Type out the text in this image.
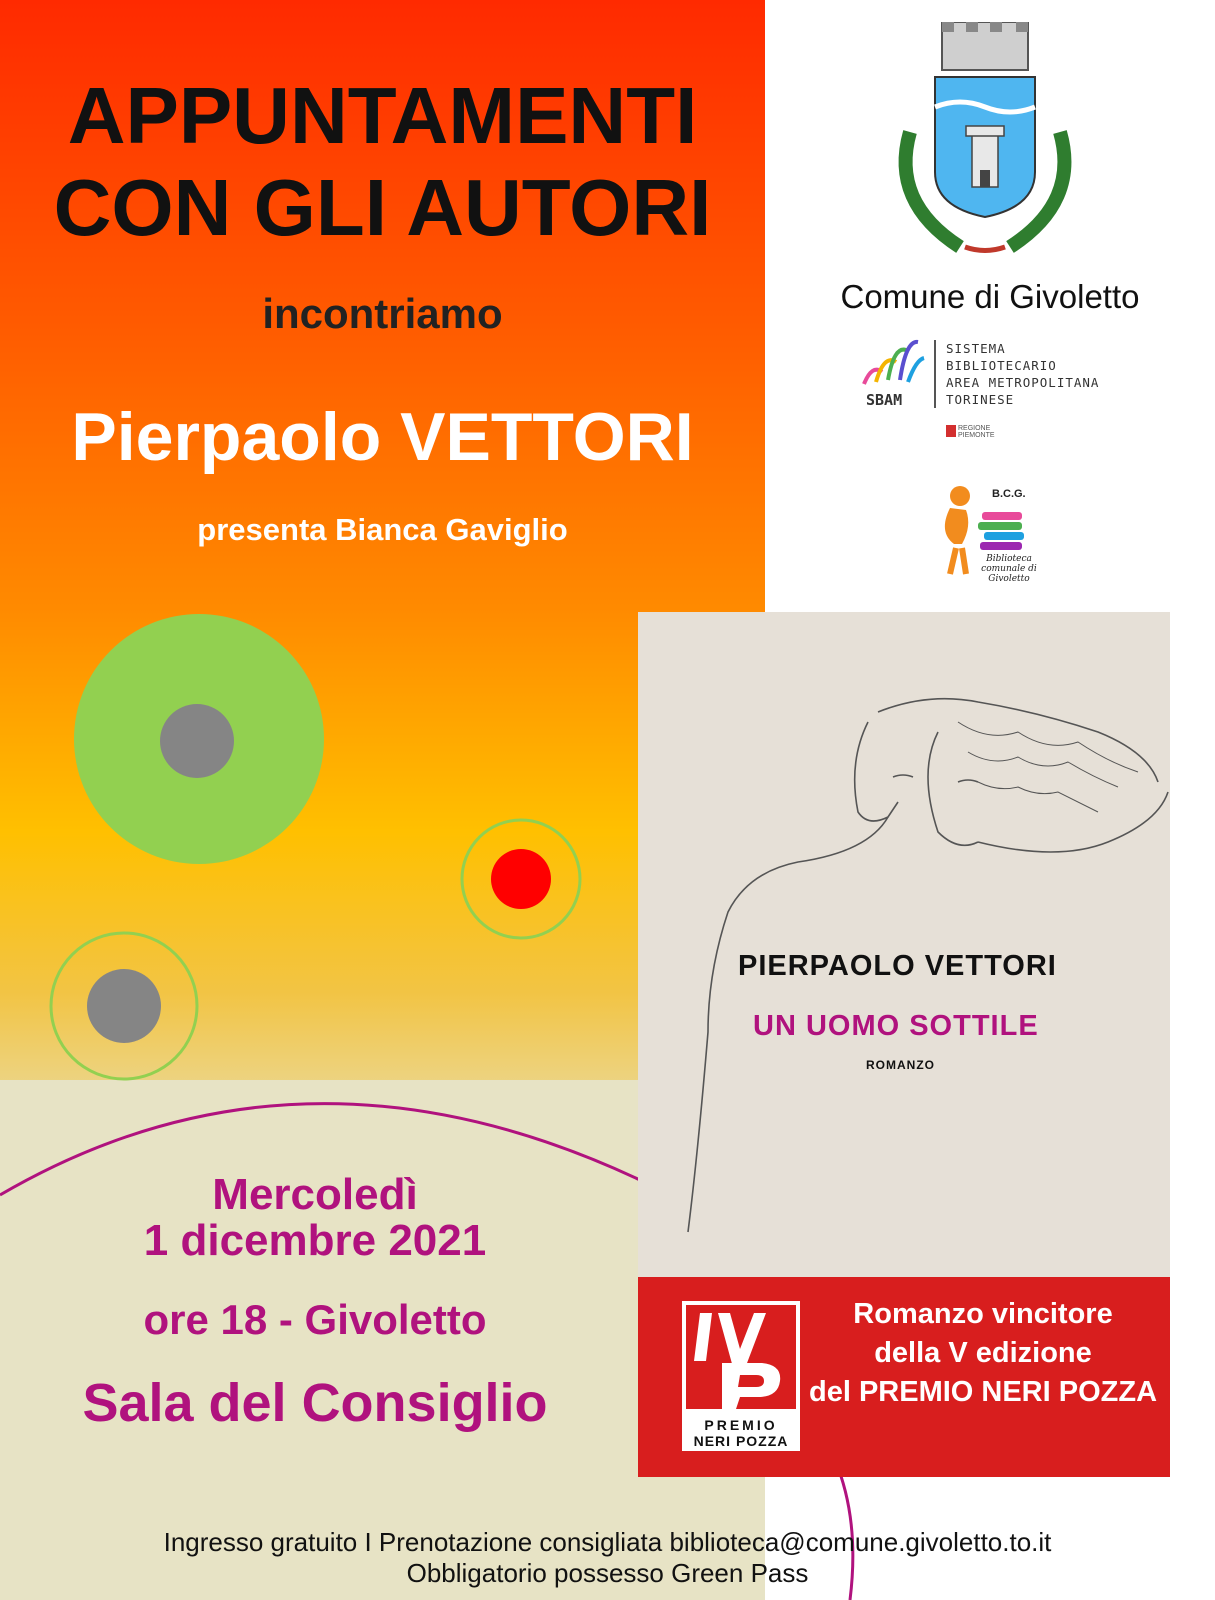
APPUNTAMENTI
CON GLI AUTORI
incontriamo
Pierpaolo VETTORI
presenta Bianca Gaviglio
Mercoledì
1 dicembre 2021
ore 18 - Givoletto
Sala del Consiglio
Comune di Givoletto
SBAM
SISTEMA
BIBLIOTECARIO
AREA METROPOLITANA
TORINESE
REGIONE
PIEMONTE
B.C.G.
Biblioteca
comunale di
Givoletto
PIERPAOLO VETTORI
UN UOMO SOTTILE
ROMANZO
PREMIO
NERI POZZA
Romanzo vincitore
della V edizione
del PREMIO NERI POZZA
Ingresso gratuito I Prenotazione consigliata biblioteca@comune.givoletto.to.it
Obbligatorio possesso Green Pass
